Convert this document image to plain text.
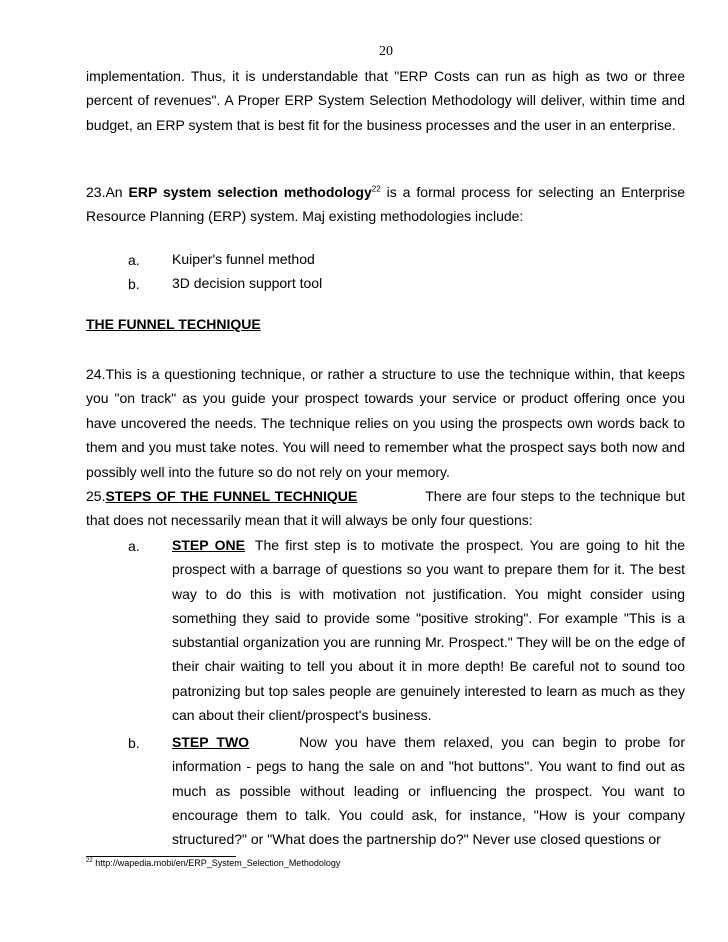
20
implementation. Thus, it is understandable that "ERP Costs can run as high as two or three percent of revenues". A Proper ERP System Selection Methodology will deliver, within time and budget, an ERP system that is best fit for the business processes and the user in an enterprise.
23.An ERP system selection methodology$^{22}$ is a formal process for selecting an Enterprise Resource Planning (ERP) system. Maj existing methodologies include:
a. Kuiper's funnel method
b. 3D decision support tool
THE FUNNEL TECHNIQUE
24.This is a questioning technique, or rather a structure to use the technique within, that keeps you "on track" as you guide your prospect towards your service or product offering once you have uncovered the needs. The technique relies on you using the prospects own words back to them and you must take notes. You will need to remember what the prospect says both now and possibly well into the future so do not rely on your memory.
25.STEPS OF THE FUNNEL TECHNIQUE	There are four steps to the technique but that does not necessarily mean that it will always be only four questions:
a. STEP ONE The first step is to motivate the prospect. You are going to hit the prospect with a barrage of questions so you want to prepare them for it. The best way to do this is with motivation not justification. You might consider using something they said to provide some "positive stroking". For example "This is a substantial organization you are running Mr. Prospect." They will be on the edge of their chair waiting to tell you about it in more depth! Be careful not to sound too patronizing but top sales people are genuinely interested to learn as much as they can about their client/prospect's business.
b. STEP TWO	Now you have them relaxed, you can begin to probe for information - pegs to hang the sale on and "hot buttons". You want to find out as much as possible without leading or influencing the prospect. You want to encourage them to talk. You could ask, for instance, "How is your company structured?" or "What does the partnership do?" Never use closed questions or
$^{22}$ http://wapedia.mobi/en/ERP_System_Selection_Methodology
